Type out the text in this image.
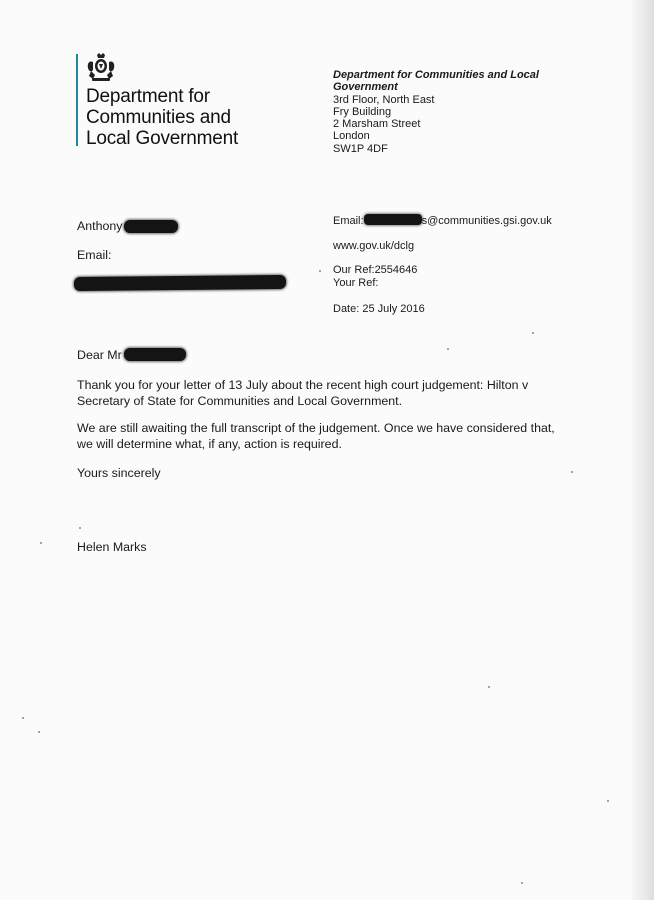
Department for
Communities and
Local Government
Department for Communities and Local
Government
3rd Floor, North East
Fry Building
2 Marsham Street
London
SW1P 4DF
Anthony
Email:
Email:	s@communities.gsi.gov.uk
www.gov.uk/dclg
Our Ref:2554646
Your Ref:
Date: 25 July 2016
Dear Mr
Thank you for your letter of 13 July about the recent high court judgement: Hilton v Secretary of State for Communities and Local Government.
We are still awaiting the full transcript of the judgement. Once we have considered that, we will determine what, if any, action is required.
Yours sincerely
Helen Marks
